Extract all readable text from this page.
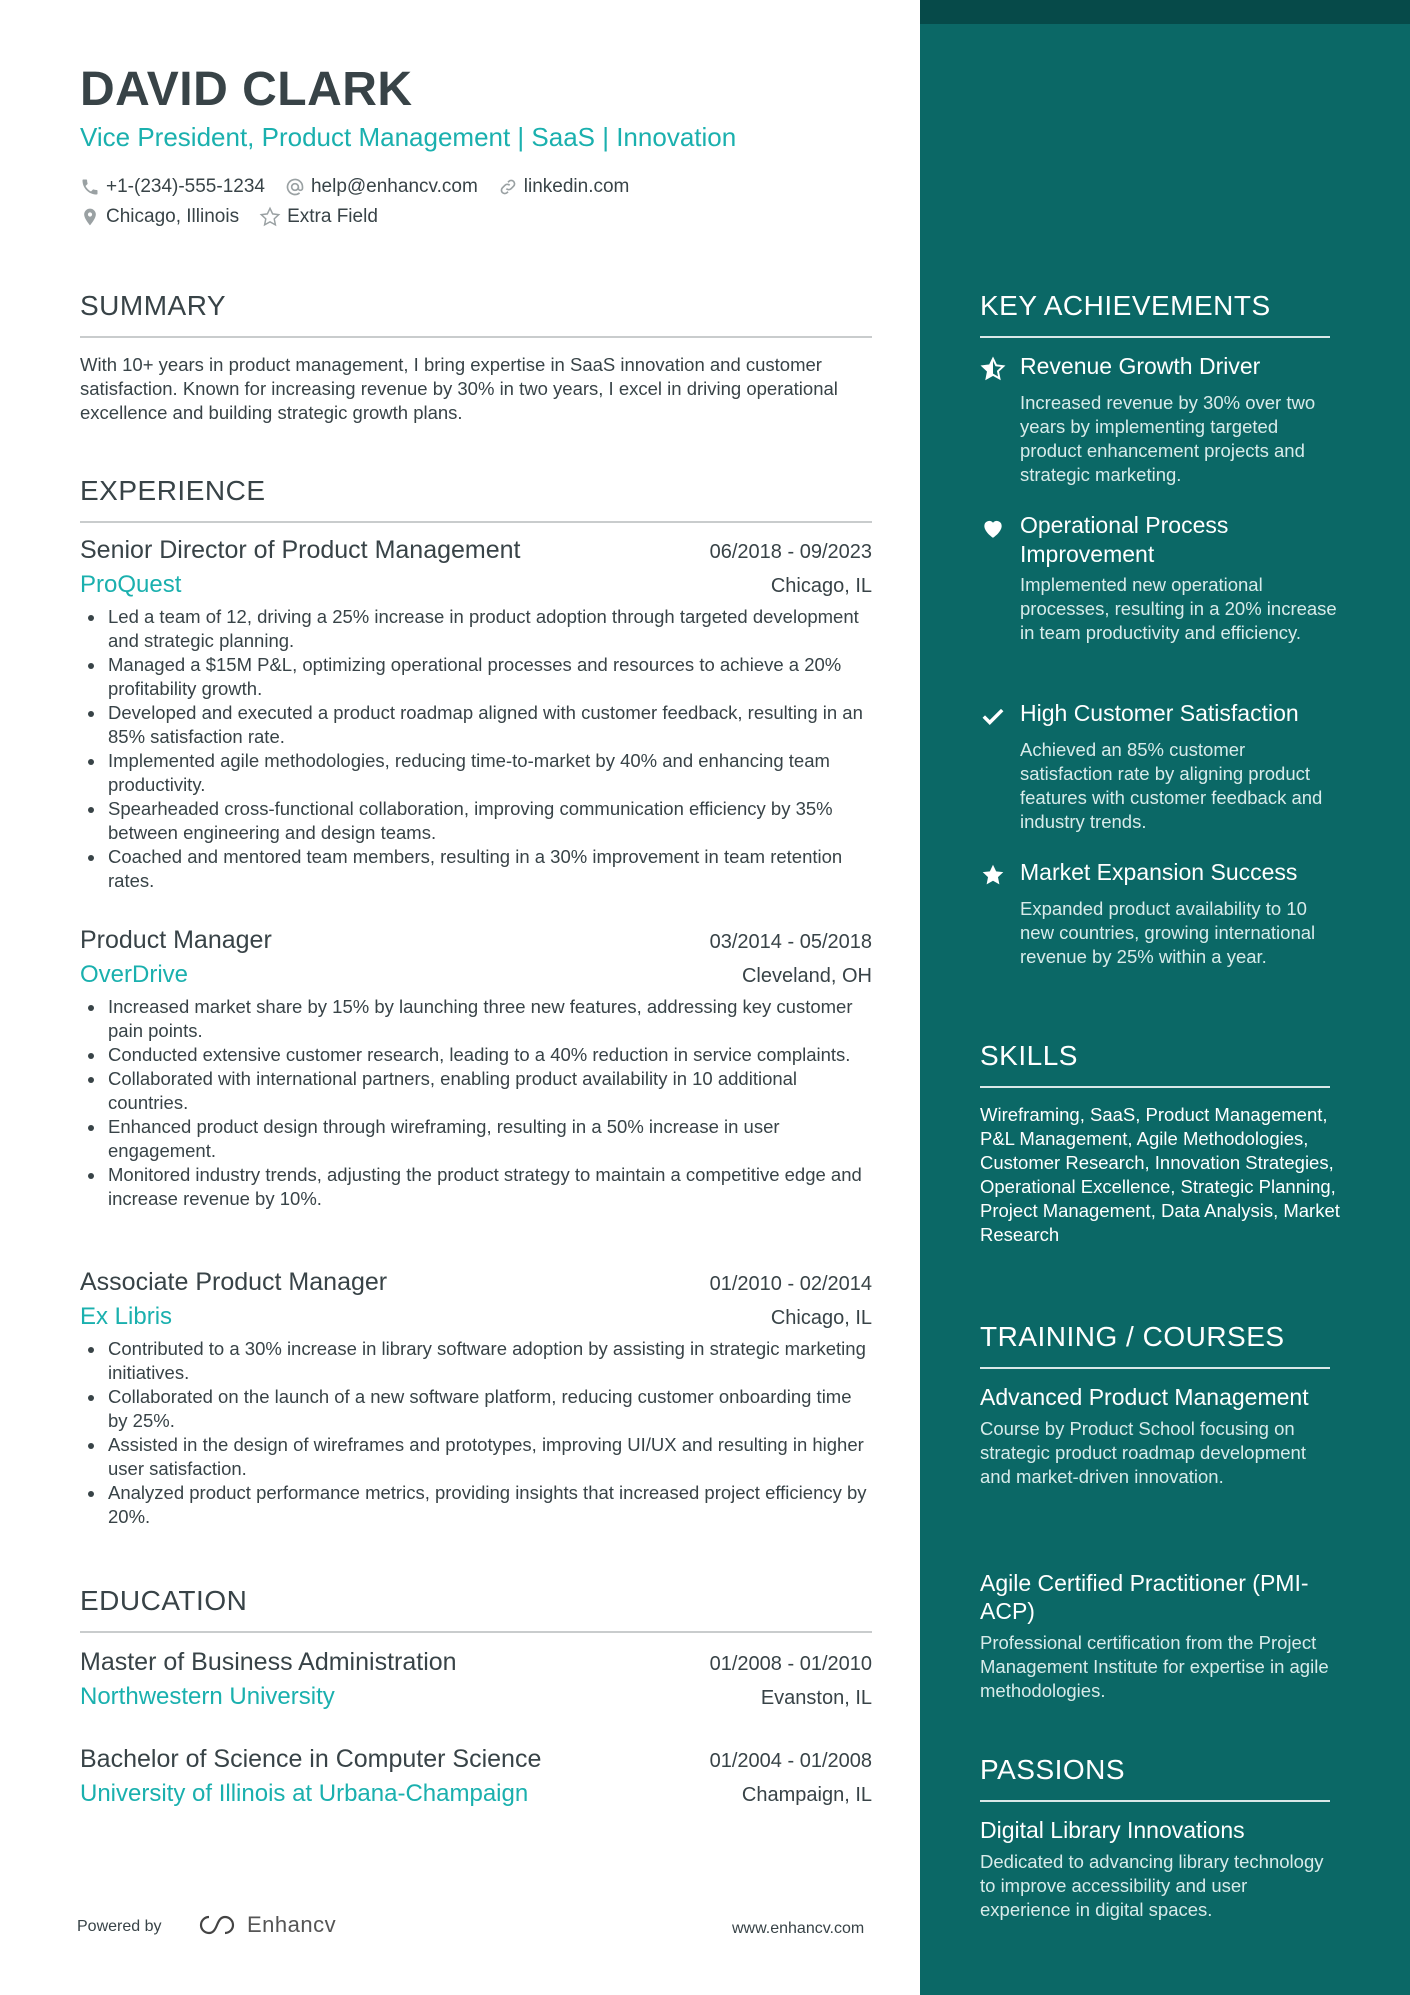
DAVID CLARK
Vice President, Product Management | SaaS | Innovation
+1-(234)-555-1234 help@enhancv.com linkedin.com
Chicago, Illinois	Extra Field
SUMMARY
With 10+ years in product management, I bring expertise in SaaS innovation and customer satisfaction. Known for increasing revenue by 30% in two years, I excel in driving operational excellence and building strategic growth plans.
EXPERIENCE
Senior Director of Product Management	06/2018 - 09/2023
ProQuest	Chicago, IL
Led a team of 12, driving a 25% increase in product adoption through targeted development and strategic planning.
Managed a $15M P&L, optimizing operational processes and resources to achieve a 20% profitability growth.
Developed and executed a product roadmap aligned with customer feedback, resulting in an 85% satisfaction rate.
Implemented agile methodologies, reducing time-to-market by 40% and enhancing team productivity.
Spearheaded cross-functional collaboration, improving communication efficiency by 35% between engineering and design teams.
Coached and mentored team members, resulting in a 30% improvement in team retention rates.
Product Manager	03/2014 - 05/2018
OverDrive	Cleveland, OH
Increased market share by 15% by launching three new features, addressing key customer pain points.
Conducted extensive customer research, leading to a 40% reduction in service complaints.
Collaborated with international partners, enabling product availability in 10 additional countries.
Enhanced product design through wireframing, resulting in a 50% increase in user engagement.
Monitored industry trends, adjusting the product strategy to maintain a competitive edge and increase revenue by 10%.
Associate Product Manager	01/2010 - 02/2014
Ex Libris	Chicago, IL
Contributed to a 30% increase in library software adoption by assisting in strategic marketing initiatives.
Collaborated on the launch of a new software platform, reducing customer onboarding time by 25%.
Assisted in the design of wireframes and prototypes, improving UI/UX and resulting in higher user satisfaction.
Analyzed product performance metrics, providing insights that increased project efficiency by 20%.
EDUCATION
Master of Business Administration	01/2008 - 01/2010
Northwestern University	Evanston, IL
Bachelor of Science in Computer Science	01/2004 - 01/2008
University of Illinois at Urbana-Champaign	Champaign, IL
Powered by	Enhancv	www.enhancv.com
KEY ACHIEVEMENTS
Revenue Growth Driver
Increased revenue by 30% over two years by implementing targeted product enhancement projects and strategic marketing.
Operational Process Improvement
Implemented new operational processes, resulting in a 20% increase in team productivity and efficiency.
High Customer Satisfaction
Achieved an 85% customer satisfaction rate by aligning product features with customer feedback and industry trends.
Market Expansion Success
Expanded product availability to 10 new countries, growing international revenue by 25% within a year.
SKILLS
Wireframing, SaaS, Product Management, P&L Management, Agile Methodologies, Customer Research, Innovation Strategies, Operational Excellence, Strategic Planning, Project Management, Data Analysis, Market Research
TRAINING / COURSES
Advanced Product Management
Course by Product School focusing on strategic product roadmap development and market-driven innovation.
Agile Certified Practitioner (PMI-ACP)
Professional certification from the Project Management Institute for expertise in agile methodologies.
PASSIONS
Digital Library Innovations
Dedicated to advancing library technology to improve accessibility and user experience in digital spaces.
